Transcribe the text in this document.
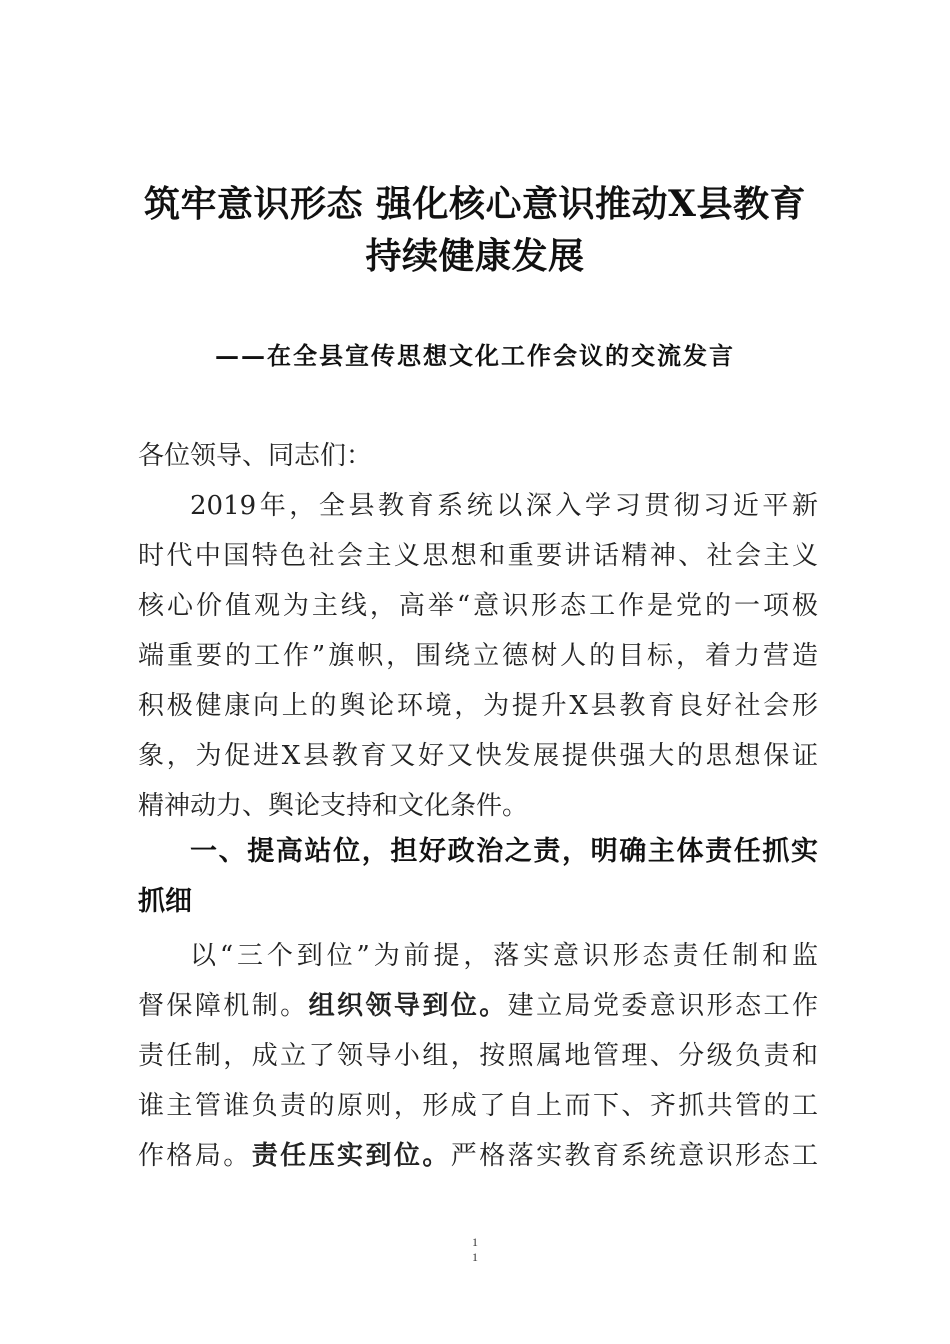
筑牢意识形态 强化核心意识推动X县教育
持续健康发展
——在全县宣传思想文化工作会议的交流发言
各位领导、同志们：
2019年，全县教育系统以深入学习贯彻习近平新
时代中国特色社会主义思想和重要讲话精神、社会主义
核心价值观为主线，高举“意识形态工作是党的一项极
端重要的工作”旗帜，围绕立德树人的目标，着力营造
积极健康向上的舆论环境，为提升X县教育良好社会形
象，为促进X县教育又好又快发展提供强大的思想保证
精神动力、舆论支持和文化条件。
一、提高站位，担好政治之责，明确主体责任抓实
抓细
以“三个到位”为前提，落实意识形态责任制和监
督保障机制。组织领导到位。建立局党委意识形态工作
责任制，成立了领导小组，按照属地管理、分级负责和
谁主管谁负责的原则，形成了自上而下、齐抓共管的工
作格局。责任压实到位。严格落实教育系统意识形态工
1
1
